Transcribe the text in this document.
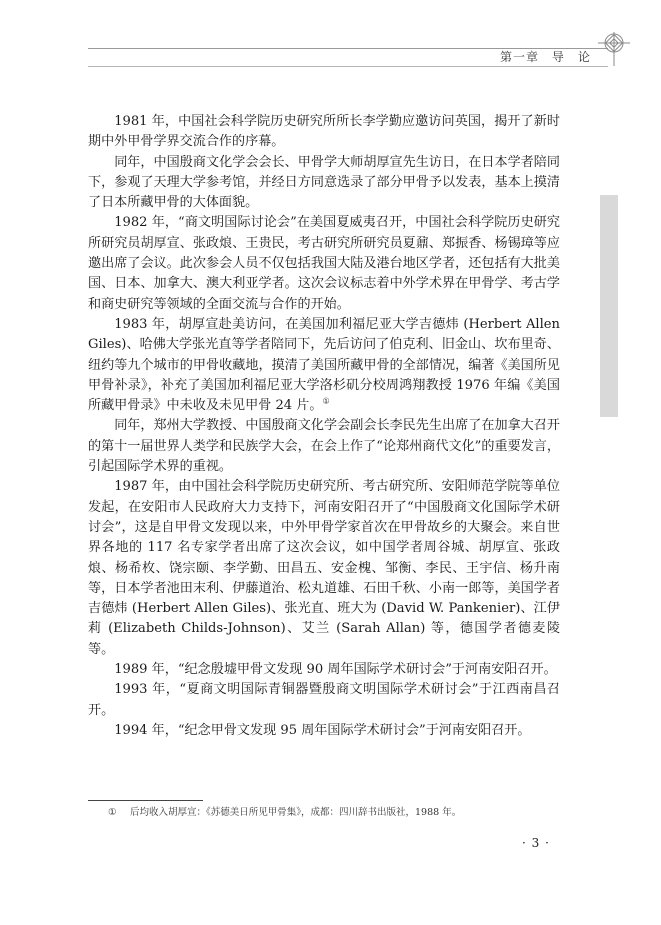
第一章 导　论

1981 年，中国社会科学院历史研究所所长李学勤应邀访问英国，揭开了新时期中外甲骨学界交流合作的序幕。

同年，中国殷商文化学会会长、甲骨学大师胡厚宣先生访日，在日本学者陪同下，参观了天理大学参考馆，并经日方同意选录了部分甲骨予以发表，基本上摸清了日本所藏甲骨的大体面貌。

1982 年，“商文明国际讨论会”在美国夏威夷召开，中国社会科学院历史研究所研究员胡厚宣、张政烺、王贵民，考古研究所研究员夏鼐、郑振香、杨锡璋等应邀出席了会议。此次参会人员不仅包括我国大陆及港台地区学者，还包括有大批美国、日本、加拿大、澳大利亚学者。这次会议标志着中外学术界在甲骨学、考古学和商史研究等领域的全面交流与合作的开始。

1983 年，胡厚宣赴美访问，在美国加利福尼亚大学吉德炜 (Herbert Allen Giles)、哈佛大学张光直等学者陪同下，先后访问了伯克利、旧金山、坎布里奇、纽约等九个城市的甲骨收藏地，摸清了美国所藏甲骨的全部情况，编著《美国所见甲骨补录》，补充了美国加利福尼亚大学洛杉矶分校周鸿翔教授 1976 年编《美国所藏甲骨录》中未收及未见甲骨 24 片。①

同年，郑州大学教授、中国殷商文化学会副会长李民先生出席了在加拿大召开的第十一届世界人类学和民族学大会，在会上作了“论郑州商代文化”的重要发言，引起国际学术界的重视。

1987 年，由中国社会科学院历史研究所、考古研究所、安阳师范学院等单位发起，在安阳市人民政府大力支持下，河南安阳召开了“中国殷商文化国际学术研讨会”，这是自甲骨文发现以来，中外甲骨学家首次在甲骨故乡的大聚会。来自世界各地的 117 名专家学者出席了这次会议，如中国学者周谷城、胡厚宣、张政烺、杨希枚、饶宗颐、李学勤、田昌五、安金槐、邹衡、李民、王宇信、杨升南等，日本学者池田末利、伊藤道治、松丸道雄、石田千秋、小南一郎等，美国学者吉德炜 (Herbert Allen Giles)、张光直、班大为 (David W. Pankenier)、江伊莉 (Elizabeth Childs-Johnson)、艾兰 (Sarah Allan) 等，德国学者德麦陵等。

1989 年，“纪念殷墟甲骨文发现 90 周年国际学术研讨会”于河南安阳召开。

1993 年，“夏商文明国际青铜器暨殷商文明国际学术研讨会”于江西南昌召开。

1994 年，“纪念甲骨文发现 95 周年国际学术研讨会”于河南安阳召开。

① 后均收入胡厚宣：《苏德美日所见甲骨集》，成都：四川辞书出版社，1988 年。
· 3 ·
